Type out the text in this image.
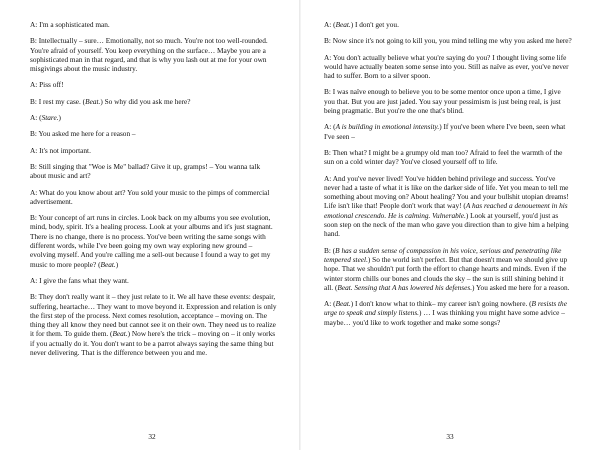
A: I'm a sophisticated man.

B: Intellectually – sure… Emotionally, not so much. You're not too well-rounded. You're afraid of yourself. You keep everything on the surface… Maybe you are a sophisticated man in that regard, and that is why you lash out at me for your own misgivings about the music industry.

A: Piss off!

B: I rest my case. (Beat.) So why did you ask me here?

A: (Stare.)

B: You asked me here for a reason –

A: It's not important.

B: Still singing that "Woe is Me" ballad? Give it up, gramps! – You wanna talk about music and art?

A: What do you know about art? You sold your music to the pimps of commercial advertisement.

B: Your concept of art runs in circles. Look back on my albums you see evolution, mind, body, spirit. It's a healing process. Look at your albums and it's just stagnant. There is no change, there is no process. You've been writing the same songs with different words, while I've been going my own way exploring new ground – evolving myself. And you're calling me a sell-out because I found a way to get my music to more people? (Beat.)

A: I give the fans what they want.

B: They don't really want it – they just relate to it. We all have these events: despair, suffering, heartache… They want to move beyond it. Expression and relation is only the first step of the process. Next comes resolution, acceptance – moving on. The thing they all know they need but cannot see it on their own. They need us to realize it for them. To guide them. (Beat.) Now here's the trick – moving on – it only works if you actually do it. You don't want to be a parrot always saying the same thing but never delivering. That is the difference between you and me.

32

A: (Beat.) I don't get you.

B: Now since it's not going to kill you, you mind telling me why you asked me here?

A: You don't actually believe what you're saying do you? I thought living some life would have actually beaten some sense into you. Still as naïve as ever, you've never had to suffer. Born to a silver spoon.

B: I was naïve enough to believe you to be some mentor once upon a time, I give you that. But you are just jaded. You say your pessimism is just being real, is just being pragmatic. But you're the one that's blind.

A: (A is building in emotional intensity.) If you've been where I've been, seen what I've seen –

B: Then what? I might be a grumpy old man too? Afraid to feel the warmth of the sun on a cold winter day? You've closed yourself off to life.

A: And you've never lived! You've hidden behind privilege and success. You've never had a taste of what it is like on the darker side of life. Yet you mean to tell me something about moving on? About healing? You and your bullshit utopian dreams! Life isn't like that! People don't work that way! (A has reached a denouement in his emotional crescendo. He is calming. Vulnerable.) Look at yourself, you'd just as soon step on the neck of the man who gave you direction than to give him a helping hand.

B: (B has a sudden sense of compassion in his voice, serious and penetrating like tempered steel.) So the world isn't perfect. But that doesn't mean we should give up hope. That we shouldn't put forth the effort to change hearts and minds. Even if the winter storm chills our bones and clouds the sky – the sun is still shining behind it all. (Beat. Sensing that A has lowered his defenses.) You asked me here for a reason.

A: (Beat.) I don't know what to think– my career isn't going nowhere. (B resists the urge to speak and simply listens.) … I was thinking you might have some advice – maybe… you'd like to work together and make some songs?

33
